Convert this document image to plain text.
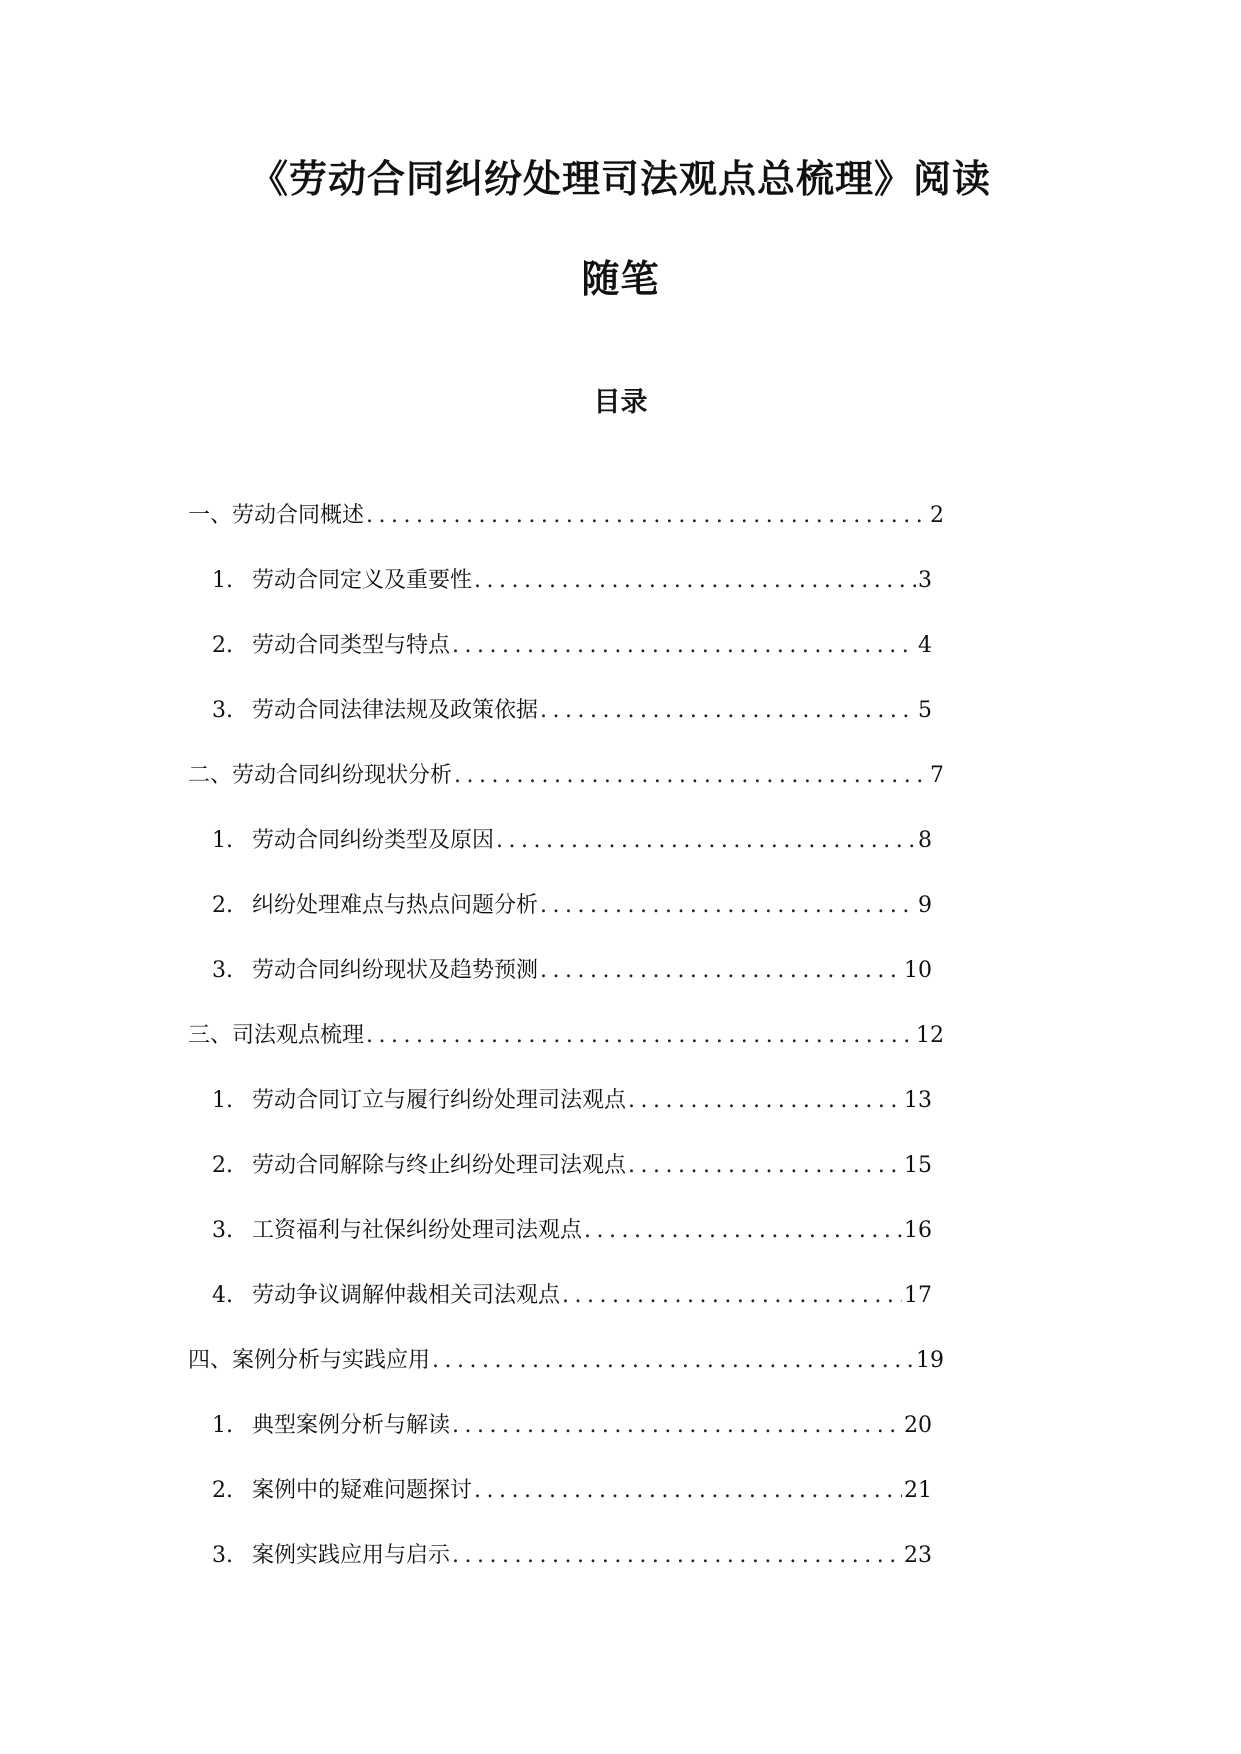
《劳动合同纠纷处理司法观点总梳理》阅读
随笔
目录
一、劳动合同概述 .....	2
1. 劳动合同定义及重要性 .....	3
2. 劳动合同类型与特点 .....	4
3. 劳动合同法律法规及政策依据 .....	5
二、劳动合同纠纷现状分析 .....	7
1. 劳动合同纠纷类型及原因 .....	8
2. 纠纷处理难点与热点问题分析 .....	9
3. 劳动合同纠纷现状及趋势预测 .....	10
三、司法观点梳理 .....	12
1. 劳动合同订立与履行纠纷处理司法观点 .....	13
2. 劳动合同解除与终止纠纷处理司法观点 .....	15
3. 工资福利与社保纠纷处理司法观点 .....	16
4. 劳动争议调解仲裁相关司法观点 .....	17
四、案例分析与实践应用 .....	19
1. 典型案例分析与解读 .....	20
2. 案例中的疑难问题探讨 .....	21
3. 案例实践应用与启示 .....	23
